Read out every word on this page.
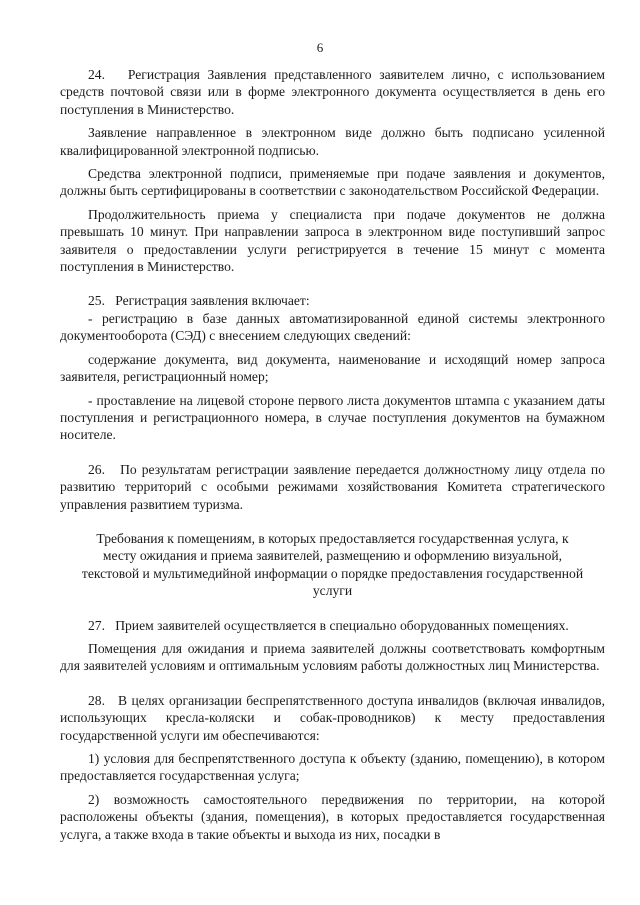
6

24.   Регистрация Заявления представленного заявителем лично, с использованием средств почтовой связи или в форме электронного документа осуществляется в день его поступления в Министерство.

Заявление направленное в электронном виде должно быть подписано усиленной квалифицированной электронной подписью.

Средства электронной подписи, применяемые при подаче заявления и документов, должны быть сертифицированы в соответствии с законодательством Российской Федерации.

Продолжительность приема у специалиста при подаче документов не должна превышать 10 минут. При направлении запроса в электронном виде поступивший запрос заявителя о предоставлении услуги регистрируется в течение 15 минут с момента поступления в Министерство.

25.   Регистрация заявления включает:

- регистрацию в базе данных автоматизированной единой системы электронного документооборота (СЭД) с внесением следующих сведений:

содержание документа, вид документа, наименование и исходящий номер запроса заявителя, регистрационный номер;

- проставление на лицевой стороне первого листа документов штампа с указанием даты поступления и регистрационного номера, в случае поступления документов на бумажном носителе.

26.   По результатам регистрации заявление передается должностному лицу отдела по развитию территорий с особыми режимами хозяйствования Комитета стратегического управления развитием туризма.

Требования к помещениям, в которых предоставляется государственная услуга, к месту ожидания и приема заявителей, размещению и оформлению визуальной, текстовой и мультимедийной информации о порядке предоставления государственной услуги

27.   Прием заявителей осуществляется в специально оборудованных помещениях.

Помещения для ожидания и приема заявителей должны соответствовать комфортным для заявителей условиям и оптимальным условиям работы должностных лиц Министерства.

28.   В целях организации беспрепятственного доступа инвалидов (включая инвалидов, использующих кресла-коляски и собак-проводников) к месту предоставления государственной услуги им обеспечиваются:

1) условия для беспрепятственного доступа к объекту (зданию, помещению), в котором предоставляется государственная услуга;

2) возможность самостоятельного передвижения по территории, на которой расположены объекты (здания, помещения), в которых предоставляется государственная услуга, а также входа в такие объекты и выхода из них, посадки в
